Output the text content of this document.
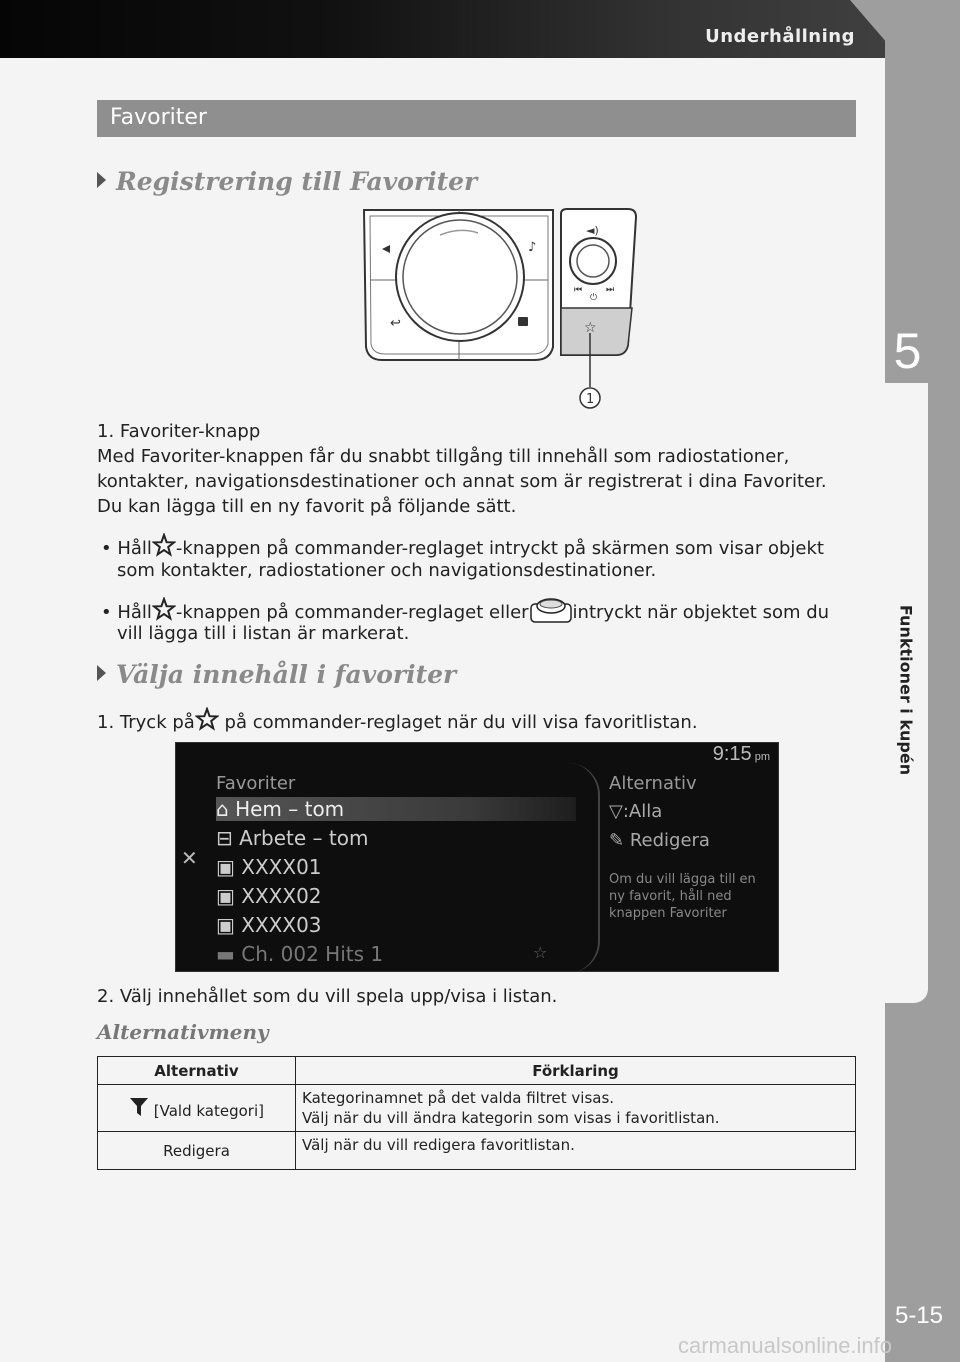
Underhållning
5
Funktioner i kupén
5-15
carmanualsonline.info
Favoriter
Registrering till Favoriter
♪
↩
◄)
⏮	⏭
⏻
☆
1
1. Favoriter-knapp
Med Favoriter-knappen får du snabbt tillgång till innehåll som radiostationer,
kontakter, navigationsdestinationer och annat som är registrerat i dina Favoriter.
Du kan lägga till en ny favorit på följande sätt.
• Håll -knappen på commander-reglaget intryckt på skärmen som visar objekt
som kontakter, radiostationer och navigationsdestinationer.
• Håll -knappen på commander-reglaget eller intryckt när objektet som du
vill lägga till i listan är markerat.
Välja innehåll i favoriter
1. Tryck på på commander-reglaget när du vill visa favoritlistan.
9:15 pm
✕
Favoriter
⌂ Hem – tom
⊟ Arbete – tom
▣ XXXX01
▣ XXXX02
▣ XXXX03
▬ Ch. 002 Hits 1	☆
Alternativ
▽:Alla
✎ Redigera
Om du vill lägga till en ny favorit, håll ned knappen Favoriter
2. Välj innehållet som du vill spela upp/visa i listan.
Alternativmeny
Alternativ	Förklaring
[Vald kategori]	Kategorinamnet på det valda filtret visas.
Välj när du vill ändra kategorin som visas i favoritlistan.

Redigera	Välj när du vill redigera favoritlistan.
